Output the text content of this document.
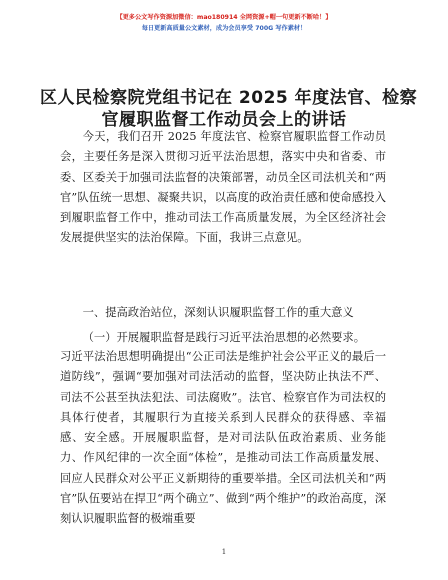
【更多公文写作资源加微信：mao180914 全网资源+帽一句更新不断哈！】
每日更新高质量公文素材，成为会员享受 700G 写作素材！
区人民检察院党组书记在 2025 年度法官、检察
官履职监督工作动员会上的讲话

今天，我们召开 2025 年度法官、检察官履职监督工作动员会，主要任务是深入贯彻习近平法治思想，落实中央和省委、市委、区委关于加强司法监督的决策部署，动员全区司法机关和“两官”队伍统一思想、凝聚共识，以高度的政治责任感和使命感投入到履职监督工作中，推动司法工作高质量发展，为全区经济社会发展提供坚实的法治保障。下面，我讲三点意见。

一、提高政治站位，深刻认识履职监督工作的重大意义

（一）开展履职监督是践行习近平法治思想的必然要求。

习近平法治思想明确提出“公正司法是维护社会公平正义的最后一道防线”，强调“要加强对司法活动的监督，坚决防止执法不严、司法不公甚至执法犯法、司法腐败”。法官、检察官作为司法权的具体行使者，其履职行为直接关系到人民群众的获得感、幸福感、安全感。开展履职监督，是对司法队伍政治素质、业务能力、作风纪律的一次全面“体检”，是推动司法工作高质量发展、回应人民群众对公平正义新期待的重要举措。全区司法机关和“两官”队伍要站在捍卫“两个确立”、做到“两个维护”的政治高度，深刻认识履职监督的极端重要

1
